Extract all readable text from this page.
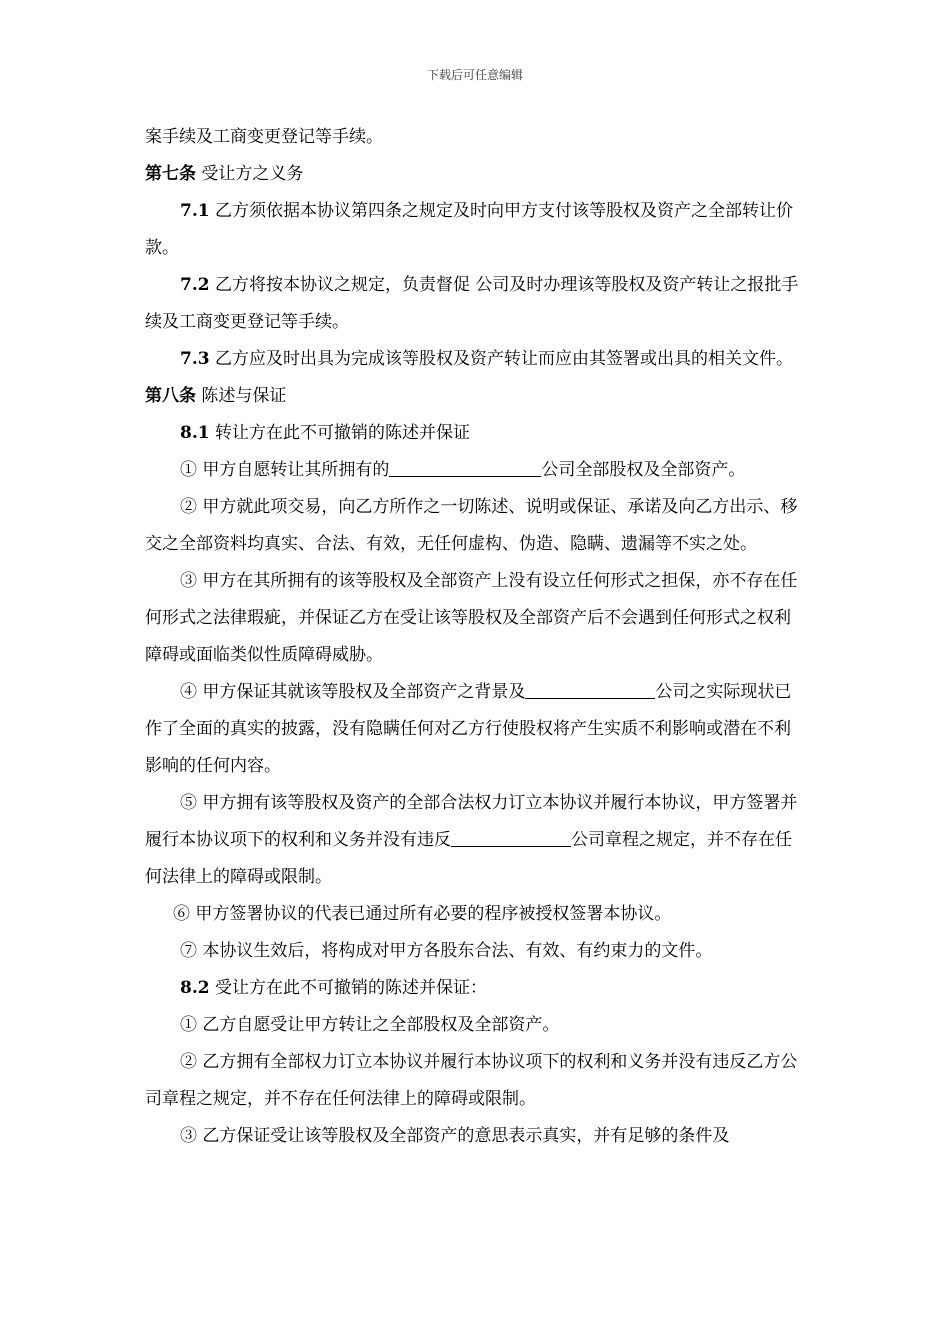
下载后可任意编辑

案手续及工商变更登记等手续。

第七条 受让方之义务

7.1 乙方须依据本协议第四条之规定及时向甲方支付该等股权及资产之全部转让价款。

7.2 乙方将按本协议之规定，负责督促 公司及时办理该等股权及资产转让之报批手续及工商变更登记等手续。

7.3 乙方应及时出具为完成该等股权及资产转让而应由其签署或出具的相关文件。

第八条 陈述与保证

8.1 转让方在此不可撤销的陈述并保证

① 甲方自愿转让其所拥有的	公司全部股权及全部资产。

② 甲方就此项交易，向乙方所作之一切陈述、说明或保证、承诺及向乙方出示、移交之全部资料均真实、合法、有效，无任何虚构、伪造、隐瞒、遗漏等不实之处。

③ 甲方在其所拥有的该等股权及全部资产上没有设立任何形式之担保，亦不存在任何形式之法律瑕疵，并保证乙方在受让该等股权及全部资产后不会遇到任何形式之权利障碍或面临类似性质障碍威胁。

④ 甲方保证其就该等股权及全部资产之背景及	公司之实际现状已作了全面的真实的披露，没有隐瞒任何对乙方行使股权将产生实质不利影响或潜在不利影响的任何内容。

⑤ 甲方拥有该等股权及资产的全部合法权力订立本协议并履行本协议，甲方签署并履行本协议项下的权利和义务并没有违反	公司章程之规定，并不存在任何法律上的障碍或限制。

⑥ 甲方签署协议的代表已通过所有必要的程序被授权签署本协议。

⑦ 本协议生效后，将构成对甲方各股东合法、有效、有约束力的文件。

8.2 受让方在此不可撤销的陈述并保证：

① 乙方自愿受让甲方转让之全部股权及全部资产。

② 乙方拥有全部权力订立本协议并履行本协议项下的权利和义务并没有违反乙方公司章程之规定，并不存在任何法律上的障碍或限制。

③ 乙方保证受让该等股权及全部资产的意思表示真实，并有足够的条件及
